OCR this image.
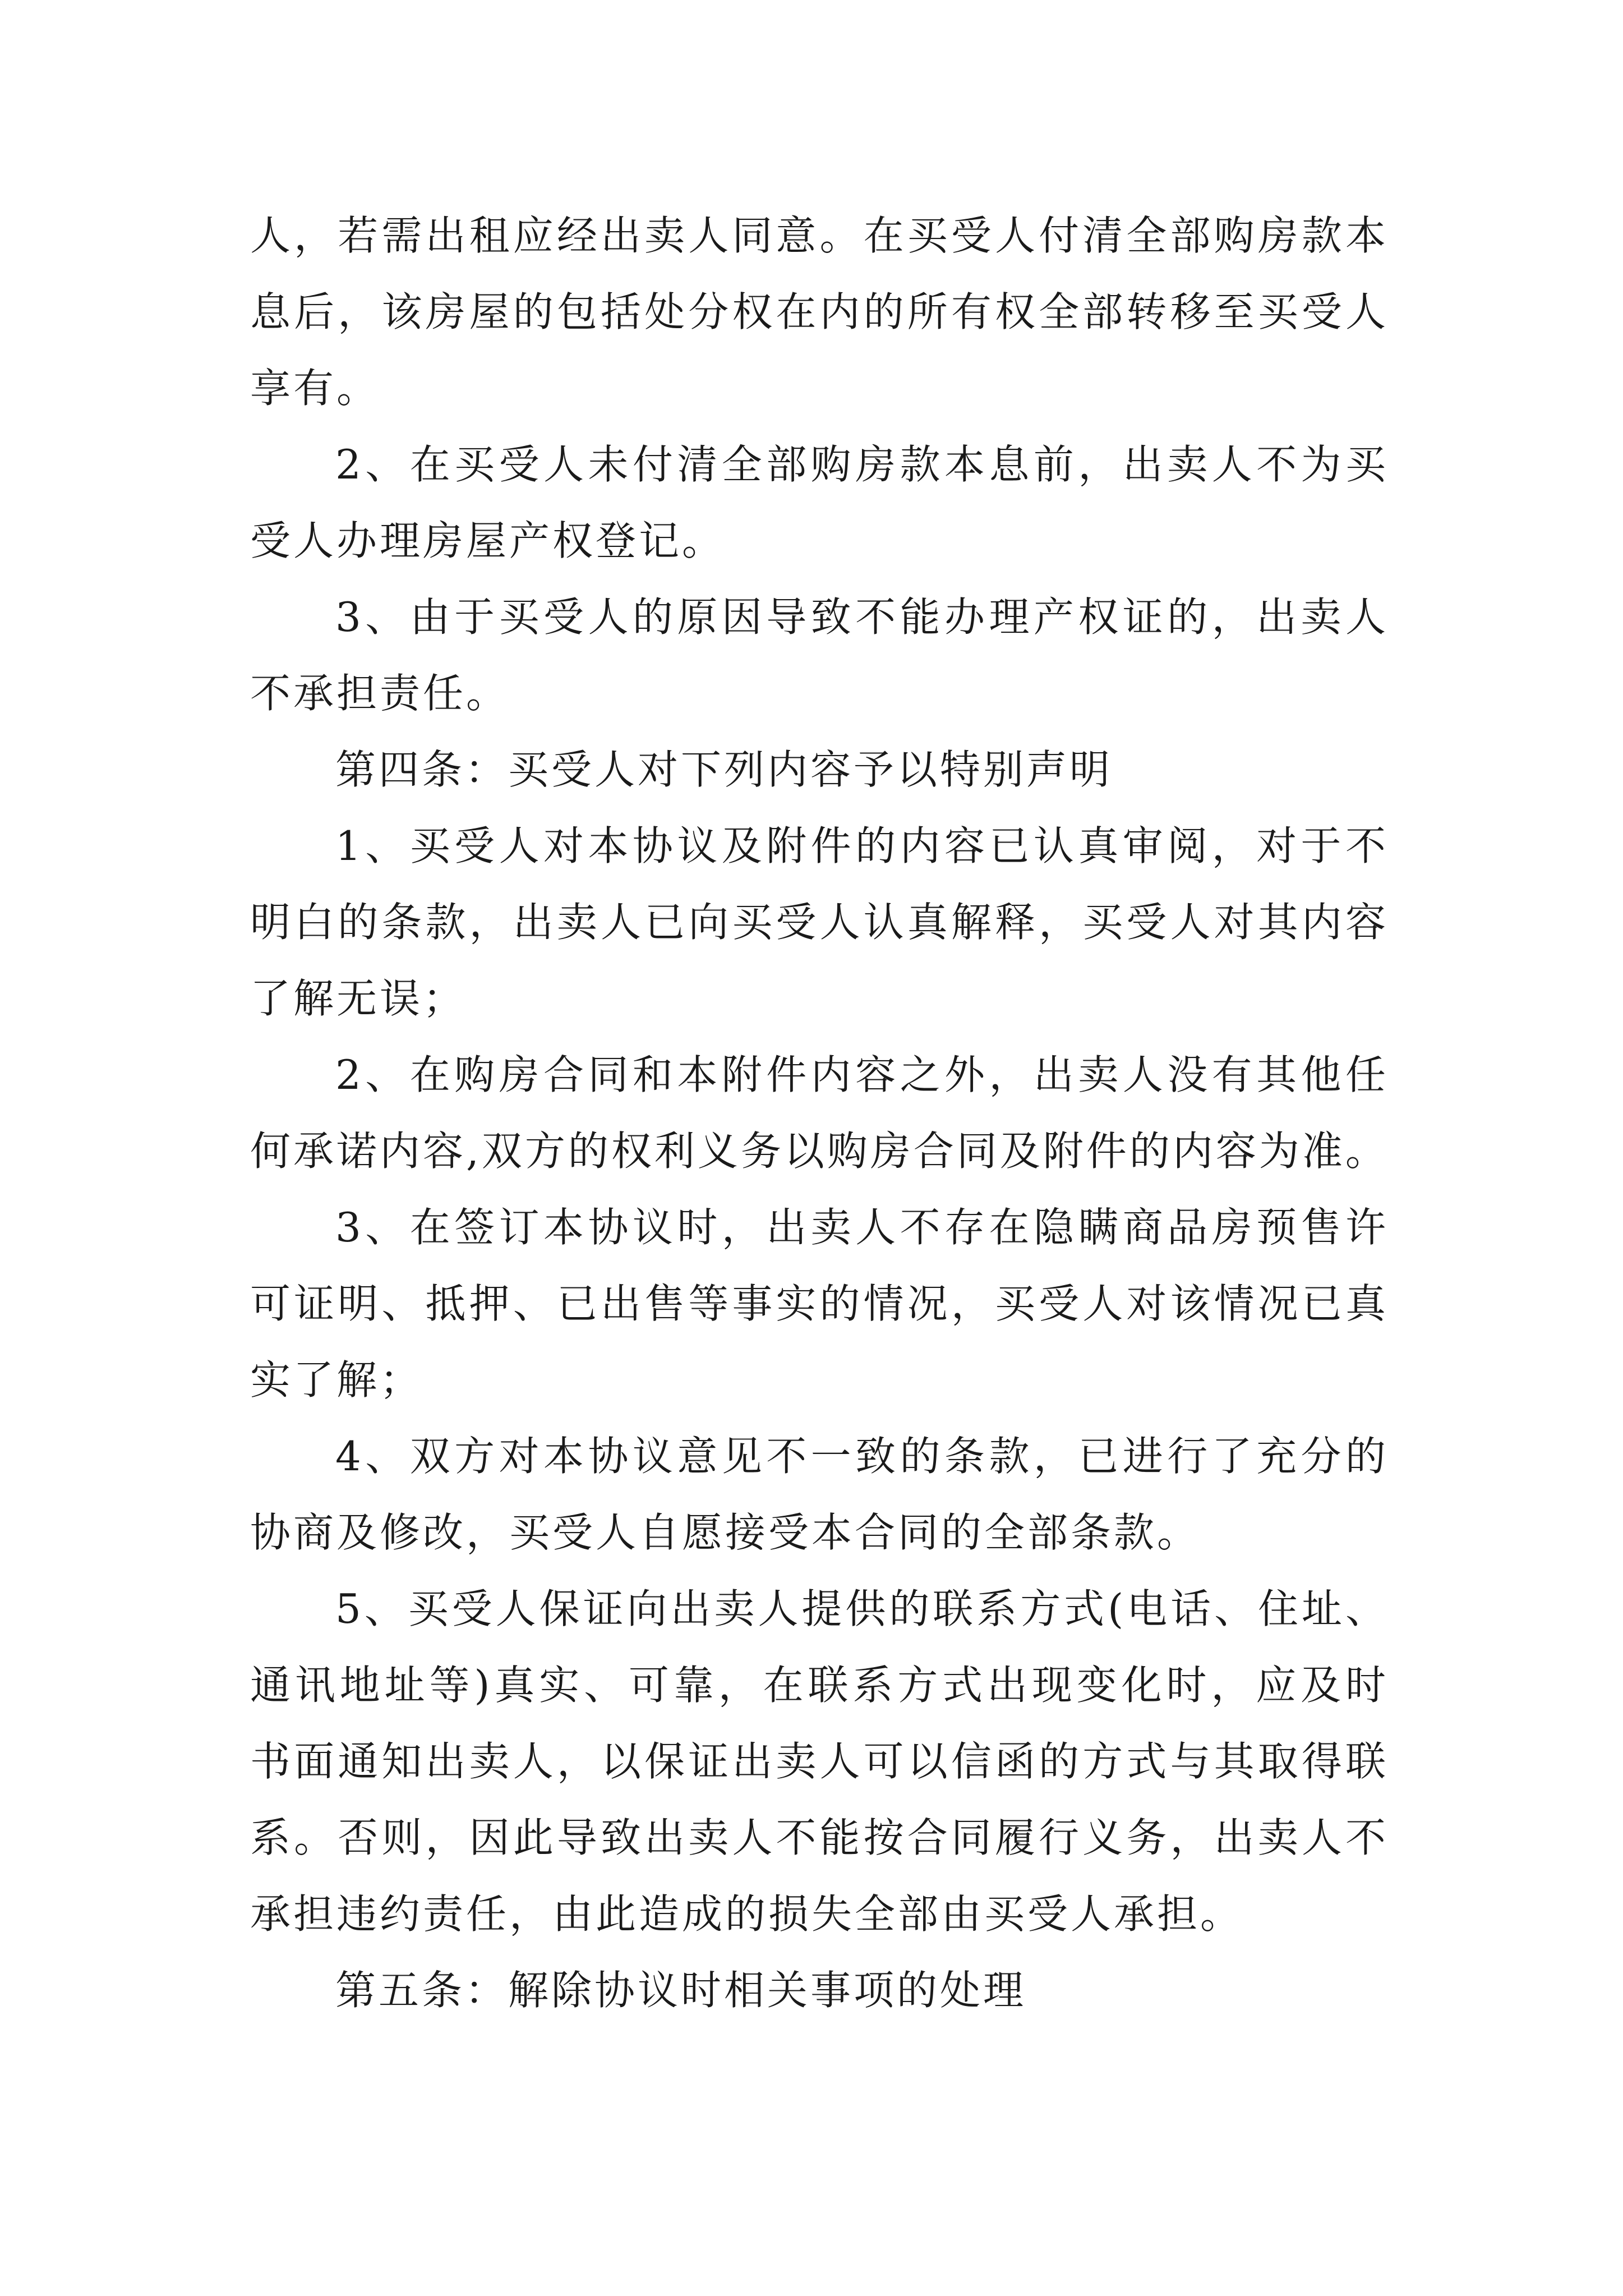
人，若需出租应经出卖人同意。在买受人付清全部购房款本息后，该房屋的包括处分权在内的所有权全部转移至买受人享有。

2、在买受人未付清全部购房款本息前，出卖人不为买受人办理房屋产权登记。

3、由于买受人的原因导致不能办理产权证的，出卖人不承担责任。

第四条：买受人对下列内容予以特别声明

1、买受人对本协议及附件的内容已认真审阅，对于不明白的条款，出卖人已向买受人认真解释，买受人对其内容了解无误；

2、在购房合同和本附件内容之外，出卖人没有其他任何承诺内容,双方的权利义务以购房合同及附件的内容为准。

3、在签订本协议时，出卖人不存在隐瞒商品房预售许可证明、抵押、已出售等事实的情况，买受人对该情况已真实了解；

4、双方对本协议意见不一致的条款，已进行了充分的协商及修改，买受人自愿接受本合同的全部条款。

5、买受人保证向出卖人提供的联系方式(电话、住址、通讯地址等)真实、可靠，在联系方式出现变化时，应及时书面通知出卖人，以保证出卖人可以信函的方式与其取得联系。否则，因此导致出卖人不能按合同履行义务，出卖人不承担违约责任，由此造成的损失全部由买受人承担。

第五条：解除协议时相关事项的处理
